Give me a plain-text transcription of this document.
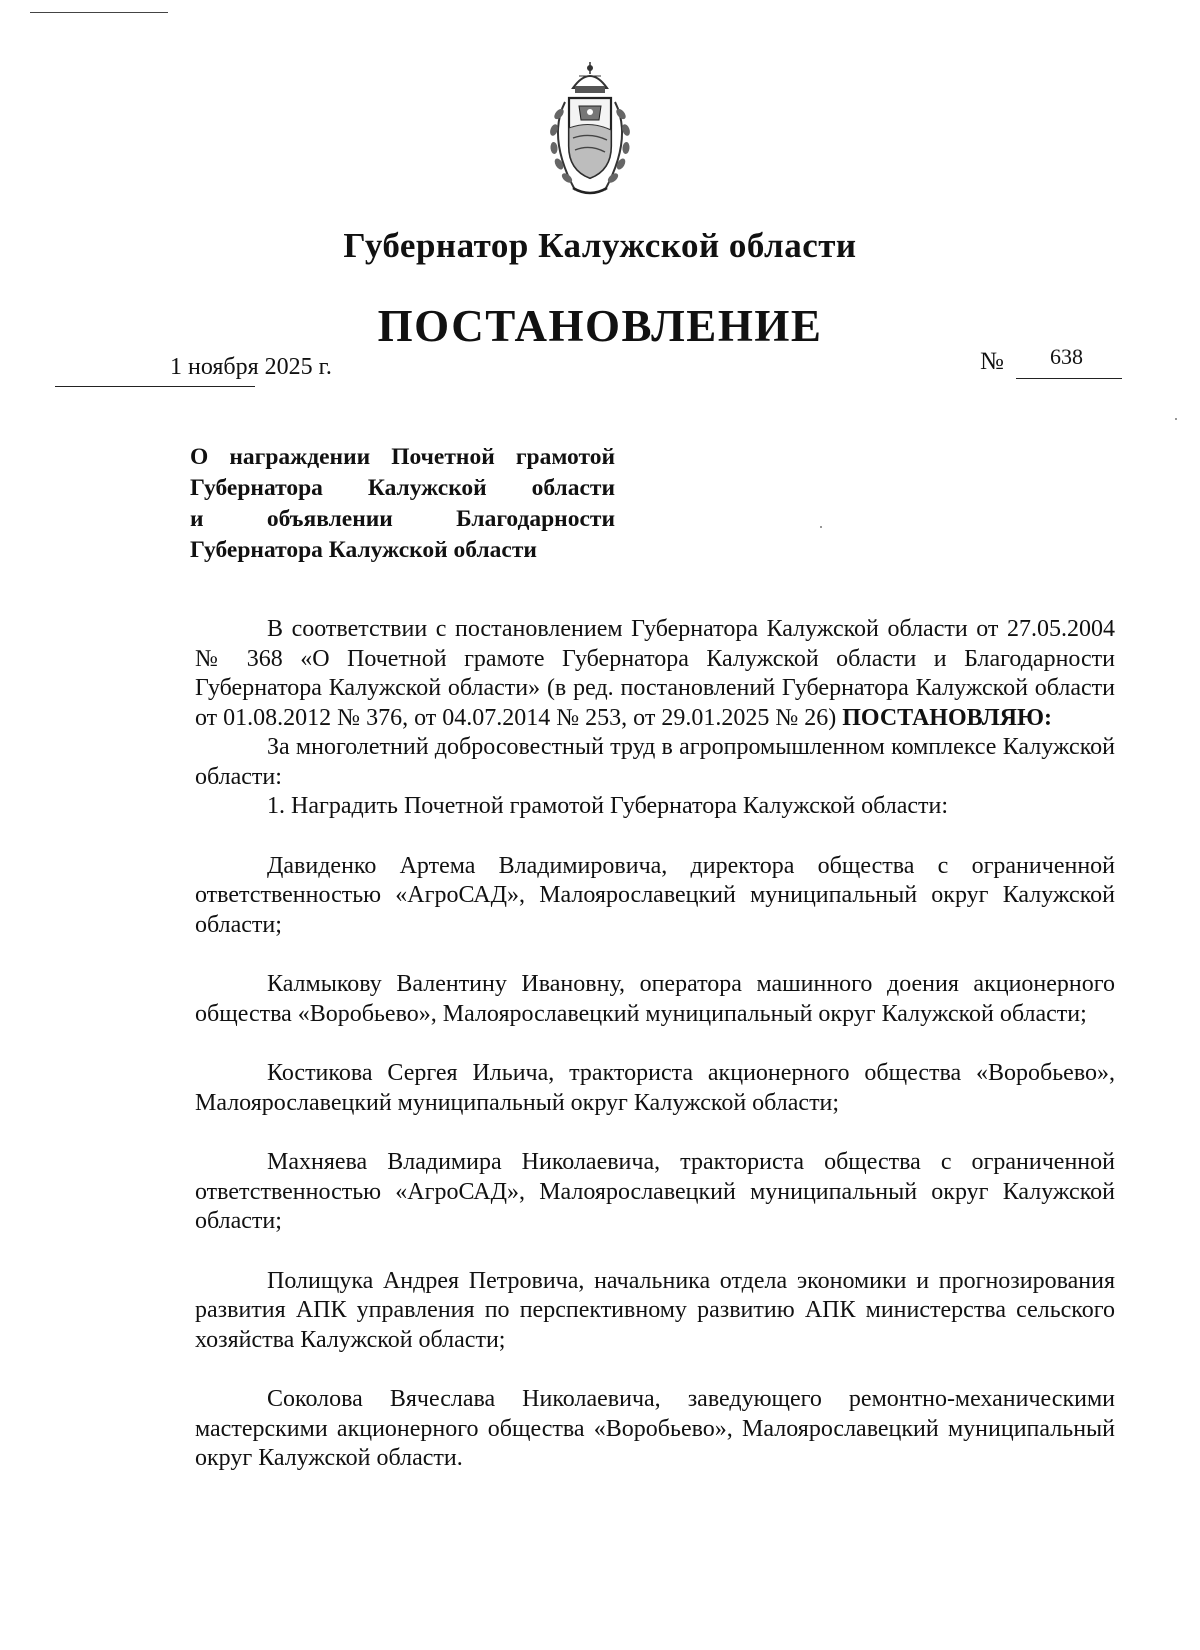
Губернатор Калужской области
ПОСТАНОВЛЕНИЕ
1 ноября 2025 г.	№ 638
О награждении Почетной грамотой
Губернатора Калужской области
и объявлении Благодарности
Губернатора Калужской области

В соответствии с постановлением Губернатора Калужской области от 27.05.2004 № 368 «О Почетной грамоте Губернатора Калужской области и Благодарности Губернатора Калужской области» (в ред. постановлений Губернатора Калужской области от 01.08.2012 № 376, от 04.07.2014 № 253, от 29.01.2025 № 26) ПОСТАНОВЛЯЮ:

За многолетний добросовестный труд в агропромышленном комплексе Калужской области:

1. Наградить Почетной грамотой Губернатора Калужской области:

Давиденко Артема Владимировича, директора общества с ограниченной ответственностью «АгроСАД», Малоярославецкий муниципальный округ Калужской области;

Калмыкову Валентину Ивановну, оператора машинного доения акционерного общества «Воробьево», Малоярославецкий муниципальный округ Калужской области;

Костикова Сергея Ильича, тракториста акционерного общества «Воробьево», Малоярославецкий муниципальный округ Калужской области;

Махняева Владимира Николаевича, тракториста общества с ограниченной ответственностью «АгроСАД», Малоярославецкий муниципальный округ Калужской области;

Полищука Андрея Петровича, начальника отдела экономики и прогнозирования развития АПК управления по перспективному развитию АПК министерства сельского хозяйства Калужской области;

Соколова Вячеслава Николаевича, заведующего ремонтно-механическими мастерскими акционерного общества «Воробьево», Малоярославецкий муниципальный округ Калужской области.
